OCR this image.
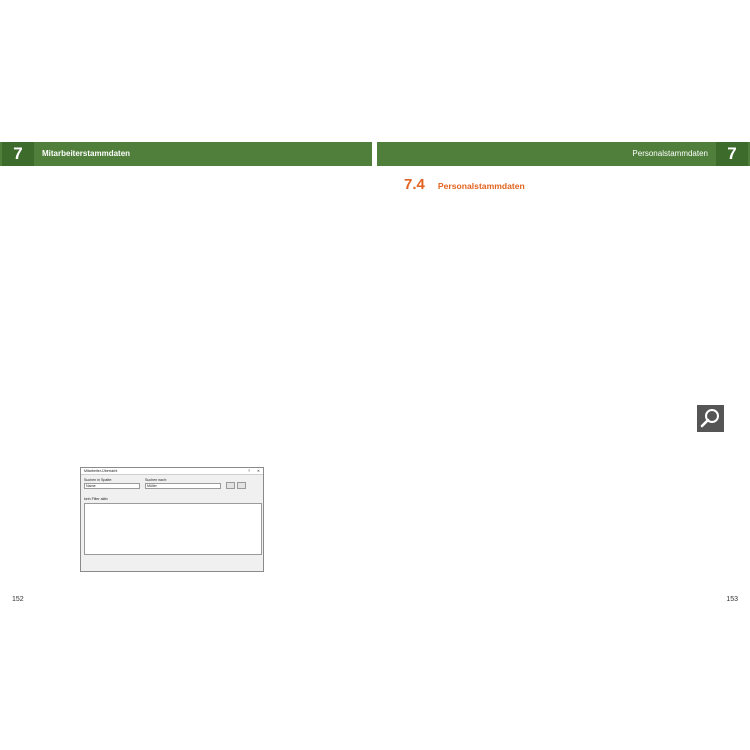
7	Mitarbeiterstammdaten	Personalstammdaten	7
Mitarbeiter-Übersicht	? ✕
Suchen in Spalte:
Name
Suchen nach:
Müller
kein Filter aktiv
7.4 Personalstammdaten
152	153
